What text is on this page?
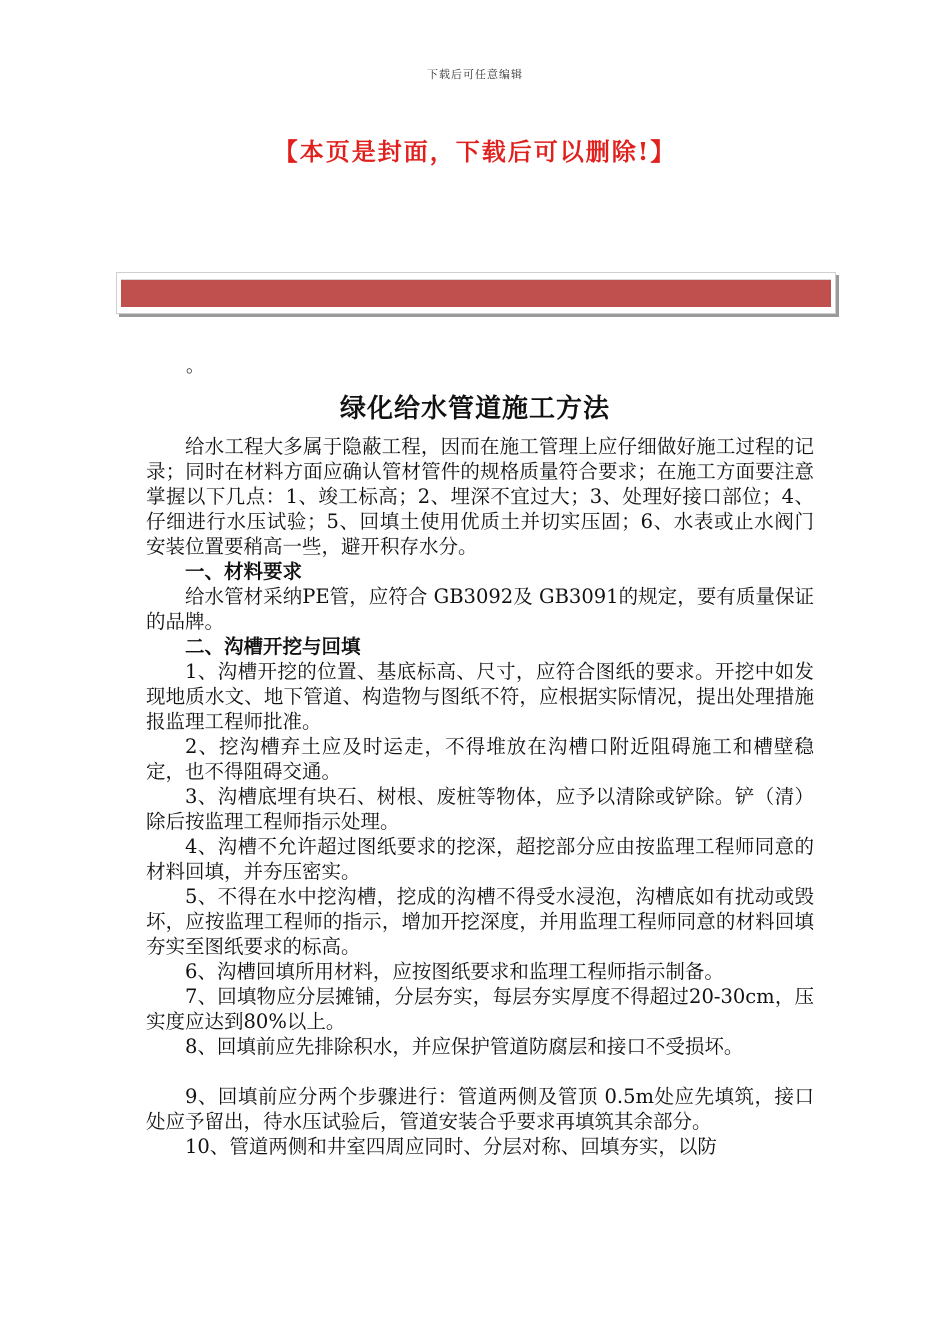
下载后可任意编辑
【本页是封面，下载后可以删除!】
。
绿化给水管道施工方法

给水工程大多属于隐蔽工程，因而在施工管理上应仔细做好施工过程的记录；同时在材料方面应确认管材管件的规格质量符合要求；在施工方面要注意掌握以下几点：1、竣工标高；2、埋深不宜过大；3、处理好接口部位；4、仔细进行水压试验；5、回填土使用优质土并切实压固；6、水表或止水阀门安装位置要稍高一些，避开积存水分。

一、材料要求

给水管材采纳PE管，应符合 GB3092及 GB3091的规定，要有质量保证的品牌。

二、沟槽开挖与回填

1、沟槽开挖的位置、基底标高、尺寸，应符合图纸的要求。开挖中如发现地质水文、地下管道、构造物与图纸不符，应根据实际情况，提出处理措施报监理工程师批准。

2、挖沟槽弃土应及时运走，不得堆放在沟槽口附近阻碍施工和槽壁稳定，也不得阻碍交通。

3、沟槽底埋有块石、树根、废桩等物体，应予以清除或铲除。铲（清）除后按监理工程师指示处理。

4、沟槽不允许超过图纸要求的挖深，超挖部分应由按监理工程师同意的材料回填，并夯压密实。

5、不得在水中挖沟槽，挖成的沟槽不得受水浸泡，沟槽底如有扰动或毁坏，应按监理工程师的指示，增加开挖深度，并用监理工程师同意的材料回填夯实至图纸要求的标高。

6、沟槽回填所用材料，应按图纸要求和监理工程师指示制备。

7、回填物应分层摊铺，分层夯实，每层夯实厚度不得超过20-30cm，压实度应达到80%以上。

8、回填前应先排除积水，并应保护管道防腐层和接口不受损坏。

9、回填前应分两个步骤进行：管道两侧及管顶 0.5m处应先填筑，接口处应予留出，待水压试验后，管道安装合乎要求再填筑其余部分。

10、管道两侧和井室四周应同时、分层对称、回填夯实，以防
